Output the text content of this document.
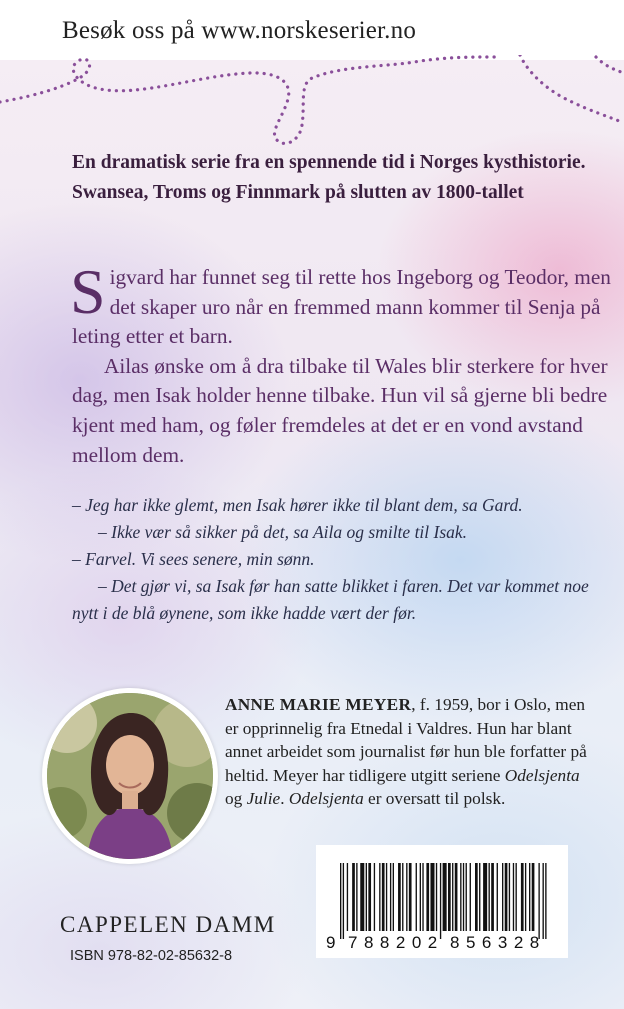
Besøk oss på www.norskeserier.no

En dramatisk serie fra en spennende tid i Norges kysthistorie. Swansea, Troms og Finnmark på slutten av 1800-tallet

Sigvard har funnet seg til rette hos Ingeborg og Teodor, men det skaper uro når en fremmed mann kommer til Senja på leting etter et barn.

Ailas ønske om å dra tilbake til Wales blir sterkere for hver dag, men Isak holder henne tilbake. Hun vil så gjerne bli bedre kjent med ham, og føler fremdeles at det er en vond avstand mellom dem.

– Jeg har ikke glemt, men Isak hører ikke til blant dem, sa Gard.

– Ikke vær så sikker på det, sa Aila og smilte til Isak.

– Farvel. Vi sees senere, min sønn.

– Det gjør vi, sa Isak før han satte blikket i faren. Det var kommet noe nytt i de blå øynene, som ikke hadde vært der før.

ANNE MARIE MEYER, f. 1959, bor i Oslo, men er opprinnelig fra Etnedal i Valdres. Hun har blant annet arbeidet som journalist før hun ble forfatter på heltid. Meyer har tidligere utgitt seriene Odelsjenta og Julie. Odelsjenta er oversatt til polsk.

9 788202 856328
CAPPELEN DAMM
ISBN 978-82-02-85632-8
